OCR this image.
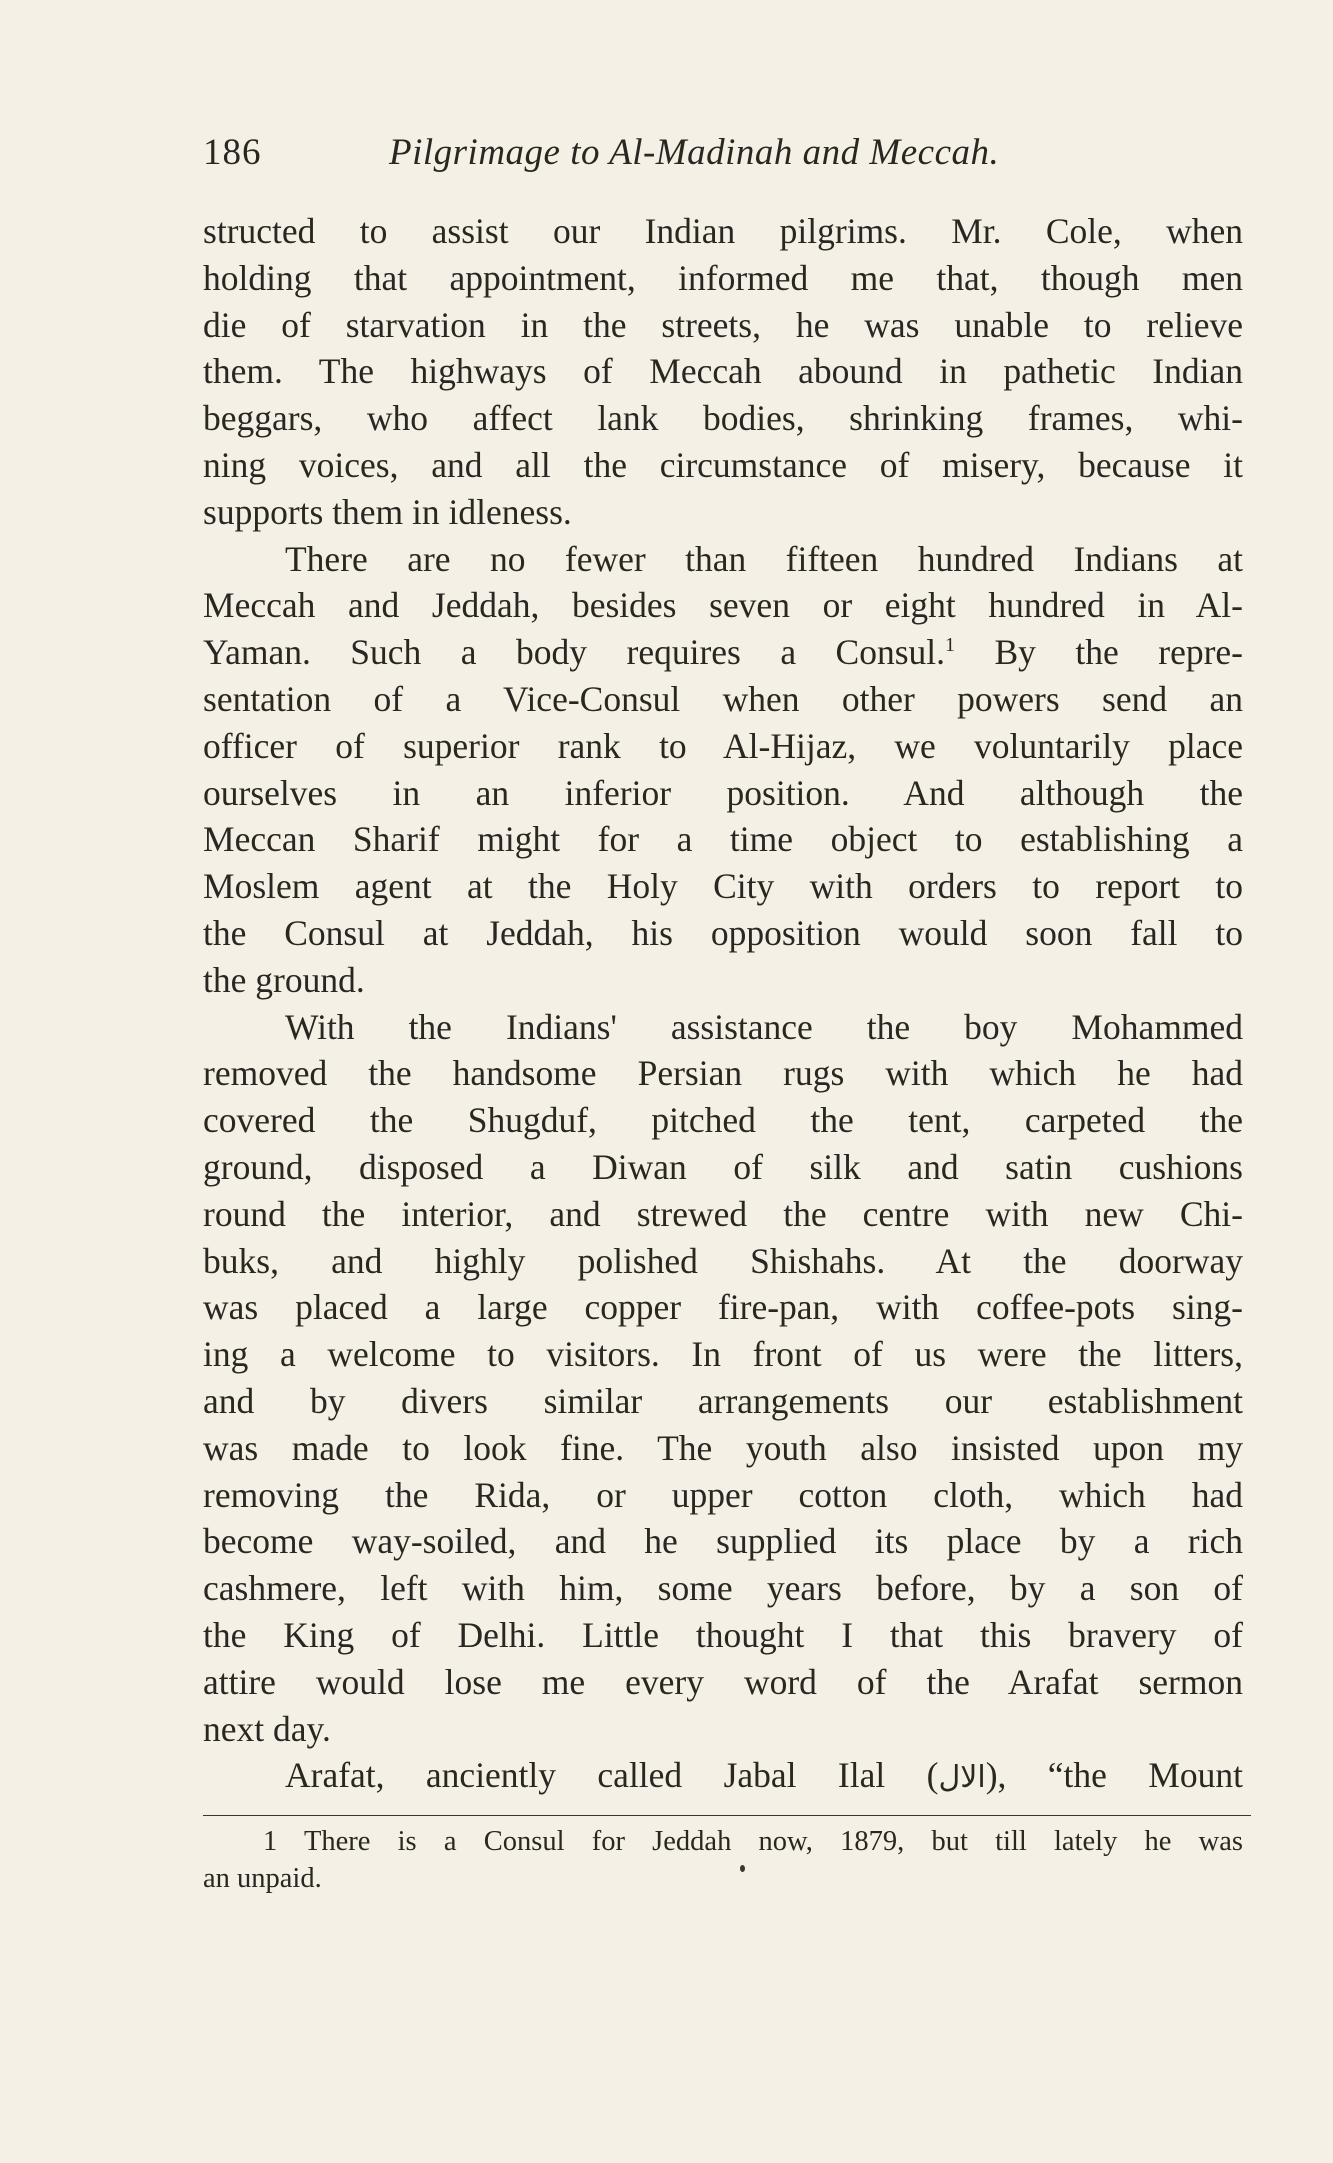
186	Pilgrimage to Al-Madinah and Meccah.
structed to assist our Indian pilgrims. Mr. Cole, when
holding that appointment, informed me that, though men
die of starvation in the streets, he was unable to relieve
them. The highways of Meccah abound in pathetic Indian
beggars, who affect lank bodies, shrinking frames, whi-
ning voices, and all the circumstance of misery, because it
supports them in idleness.
There are no fewer than fifteen hundred Indians at
Meccah and Jeddah, besides seven or eight hundred in Al-
Yaman. Such a body requires a Consul.$^1$ By the repre-
sentation of a Vice-Consul when other powers send an
officer of superior rank to Al-Hijaz, we voluntarily place
ourselves in an inferior position. And although the
Meccan Sharif might for a time object to establishing a
Moslem agent at the Holy City with orders to report to
the Consul at Jeddah, his opposition would soon fall to
the ground.
With the Indians' assistance the boy Mohammed
removed the handsome Persian rugs with which he had
covered the Shugduf, pitched the tent, carpeted the
ground, disposed a Diwan of silk and satin cushions
round the interior, and strewed the centre with new Chi-
buks, and highly polished Shishahs. At the doorway
was placed a large copper fire-pan, with coffee-pots sing-
ing a welcome to visitors. In front of us were the litters,
and by divers similar arrangements our establishment
was made to look fine. The youth also insisted upon my
removing the Rida, or upper cotton cloth, which had
become way-soiled, and he supplied its place by a rich
cashmere, left with him, some years before, by a son of
the King of Delhi. Little thought I that this bravery of
attire would lose me every word of the Arafat sermon
next day.
Arafat, anciently called Jabal Ilal (الال), “the Mount
1 There is a Consul for Jeddah now, 1879, but till lately he was
an unpaid.
